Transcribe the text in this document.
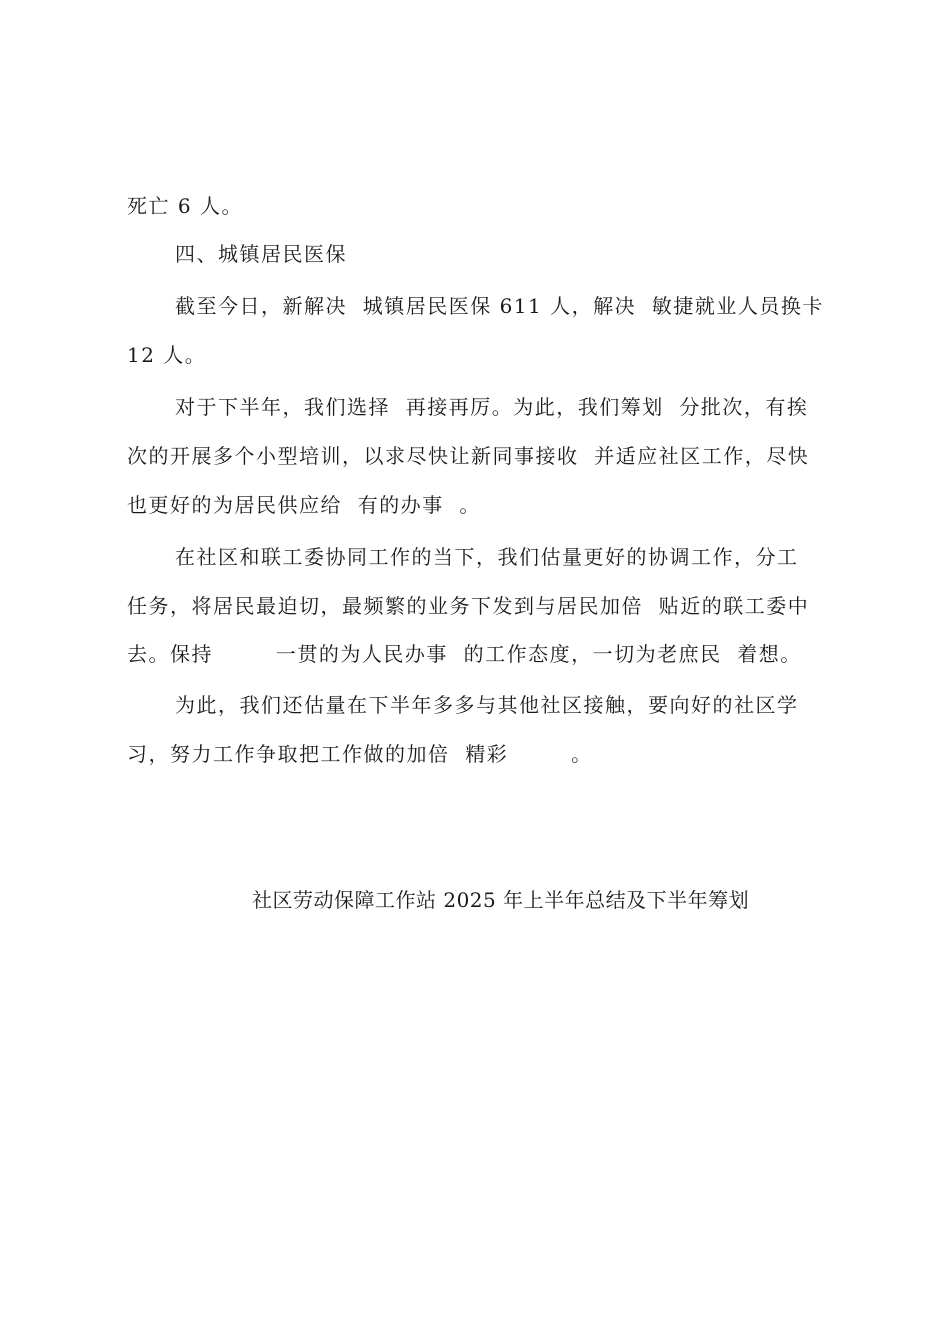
死亡 6 人。
四、城镇居民医保
截至今日，新解决  城镇居民医保 611 人，解决  敏捷就业人员换卡
12 人。
对于下半年，我们选择  再接再厉。为此，我们筹划  分批次，有挨
次的开展多个小型培训，以求尽快让新同事接收  并适应社区工作，尽快
也更好的为居民供应给  有的办事  。
在社区和联工委协同工作的当下，我们估量更好的协调工作，分工
任务，将居民最迫切，最频繁的业务下发到与居民加倍  贴近的联工委中
去。保持        一贯的为人民办事  的工作态度，一切为老庶民  着想。
为此，我们还估量在下半年多多与其他社区接触，要向好的社区学
习，努力工作争取把工作做的加倍  精彩        。
社区劳动保障工作站 2025 年上半年总结及下半年筹划
